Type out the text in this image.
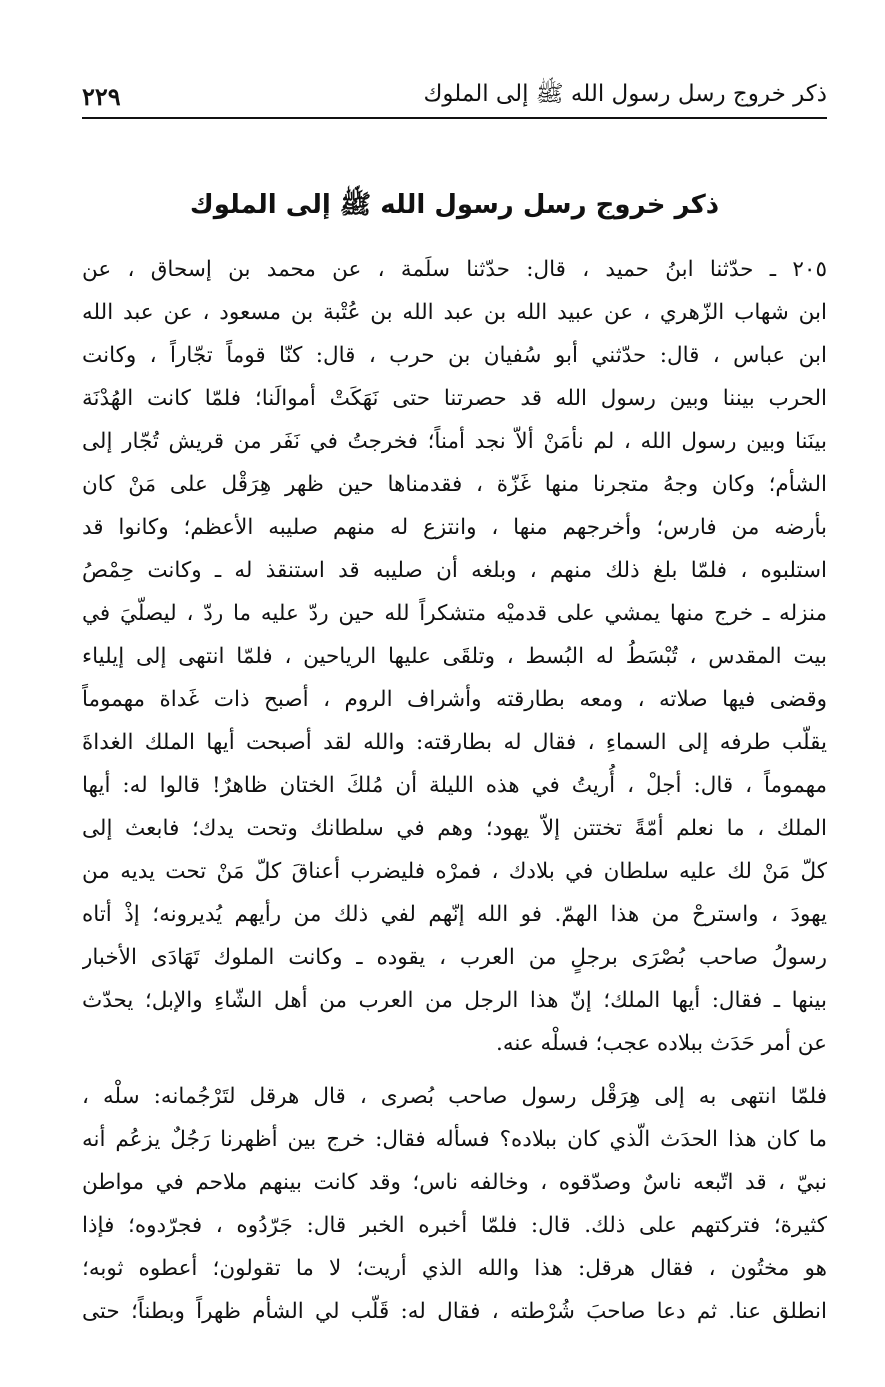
ذكر خروج رسل رسول الله ﷺ إلى الملوك
٢٢٩
ذكر خروج رسل رسول الله ﷺ إلى الملوك
٢٠٥ ـ حدّثنا ابنُ حميد ، قال: حدّثنا سلَمة ، عن محمد بن إسحاق ، عن
ابن شهاب الزّهري ، عن عبيد الله بن عبد الله بن عُتْبة بن مسعود ، عن عبد الله
ابن عباس ، قال: حدّثني أبو سُفيان بن حرب ، قال: كنّا قوماً تجّاراً ، وكانت
الحرب بيننا وبين رسول الله قد حصرتنا حتى نَهَكَتْ أموالَنا؛ فلمّا كانت الهُدْنَة
بينَنا وبين رسول الله ، لم نأمَنْ ألاّ نجد أمناً؛ فخرجتُ في نَفَر من قريش تُجّار إلى
الشأم؛ وكان وجهُ متجرنا منها غَزّة ، فقدمناها حين ظهر هِرَقْل على مَنْ كان
بأرضه من فارس؛ وأخرجهم منها ، وانتزع له منهم صليبه الأعظم؛ وكانوا قد
استلبوه ، فلمّا بلغ ذلك منهم ، وبلغه أن صليبه قد استنقذ له ـ وكانت حِمْصُ
منزله ـ خرج منها يمشي على قدميْه متشكراً لله حين ردّ عليه ما ردّ ، ليصلّيَ في
بيت المقدس ، تُبْسَطُ له البُسط ، وتلقَى عليها الرياحين ، فلمّا انتهى إلى إيلياء
وقضى فيها صلاته ، ومعه بطارقته وأشراف الروم ، أصبح ذات غَداة مهموماً
يقلّب طرفه إلى السماءِ ، فقال له بطارقته: والله لقد أصبحت أيها الملك الغداةَ
مهموماً ، قال: أجلْ ، أُريتُ في هذه الليلة أن مُلكَ الختان ظاهرٌ! قالوا له: أيها
الملك ، ما نعلم أمّةً تختتن إلاّ يهود؛ وهم في سلطانك وتحت يدك؛ فابعث إلى
كلّ مَنْ لك عليه سلطان في بلادك ، فمرْه فليضرب أعناقَ كلّ مَنْ تحت يديه من
يهودَ ، واسترحْ من هذا الهمّ. فو الله إنّهم لفي ذلك من رأيهم يُديرونه؛ إذْ أتاه
رسولُ صاحب بُصْرَى برجلٍ من العرب ، يقوده ـ وكانت الملوك تَهَادَى الأخبار
بينها ـ فقال: أيها الملك؛ إنّ هذا الرجل من العرب من أهل الشّاءِ والإبل؛ يحدّث
عن أمر حَدَث ببلاده عجب؛ فسلْه عنه.
فلمّا انتهى به إلى هِرَقْل رسول صاحب بُصرى ، قال هرقل لتَرْجُمانه: سلْه ،
ما كان هذا الحدَث الّذي كان ببلاده؟ فسأله فقال: خرج بين أظهرنا رَجُلٌ يزعُم أنه
نبيّ ، قد اتّبعه ناسٌ وصدّقوه ، وخالفه ناس؛ وقد كانت بينهم ملاحم في مواطن
كثيرة؛ فتركتهم على ذلك. قال: فلمّا أخبره الخبر قال: جَرّدُوه ، فجرّدوه؛ فإذا
هو مختُون ، فقال هرقل: هذا والله الذي أريت؛ لا ما تقولون؛ أعطوه ثوبه؛
انطلق عنا. ثم دعا صاحبَ شُرْطته ، فقال له: قَلّب لي الشأم ظهراً وبطناً؛ حتى
